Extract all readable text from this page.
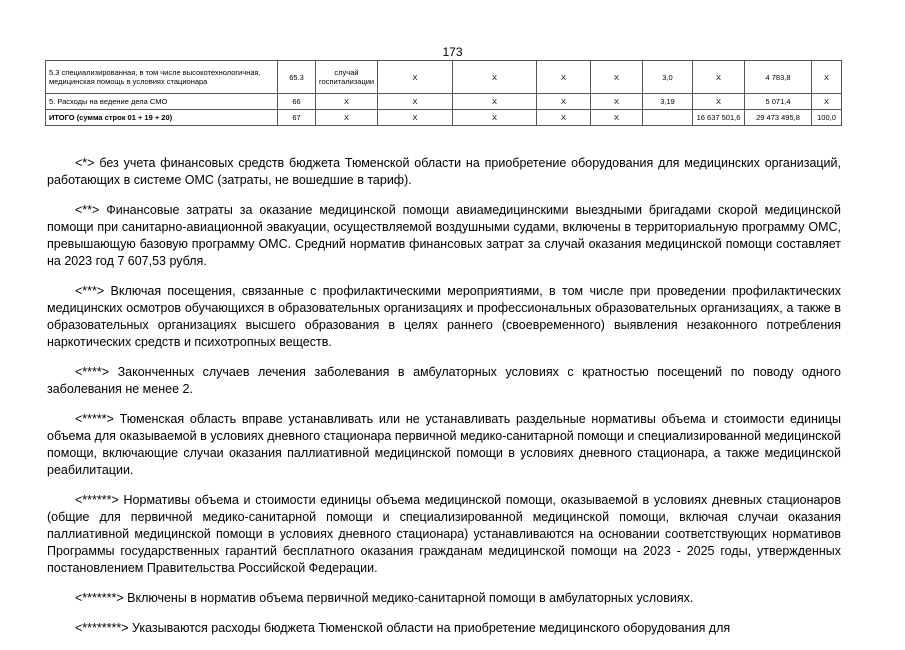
173
5.3 специализированная, в том числе высокотехнологичная, медицинская помощь в условиях стационара	65.3	случай госпитализации	X	X	X	X	3,0	X	4 783,8	X
5. Расходы на ведение дела СМО	66	X	X	X	X	X	3,19	X	5 071,4	X
ИТОГО (сумма строк 01 + 19 + 20)	67	X	X	X	X	X		16 637 501,6	29 473 495,8	100,0

<*> без учета финансовых средств бюджета Тюменской области на приобретение оборудования для медицинских организаций, работающих в системе ОМС (затраты, не вошедшие в тариф).

<**> Финансовые затраты за оказание медицинской помощи авиамедицинскими выездными бригадами скорой медицинской помощи при санитарно-авиационной эвакуации, осуществляемой воздушными судами, включены в территориальную программу ОМС, превышающую базовую программу ОМС. Средний норматив финансовых затрат за случай оказания медицинской помощи составляет на 2023 год 7 607,53 рубля.

<***> Включая посещения, связанные с профилактическими мероприятиями, в том числе при проведении профилактических медицинских осмотров обучающихся в образовательных организациях и профессиональных образовательных организациях, а также в образовательных организациях высшего образования в целях раннего (своевременного) выявления незаконного потребления наркотических средств и психотропных веществ.

<****> Законченных случаев лечения заболевания в амбулаторных условиях с кратностью посещений по поводу одного заболевания не менее 2.

<*****> Тюменская область вправе устанавливать или не устанавливать раздельные нормативы объема и стоимости единицы объема для оказываемой в условиях дневного стационара первичной медико-санитарной помощи и специализированной медицинской помощи, включающие случаи оказания паллиативной медицинской помощи в условиях дневного стационара, а также медицинской реабилитации.

<******> Нормативы объема и стоимости единицы объема медицинской помощи, оказываемой в условиях дневных стационаров (общие для первичной медико-санитарной помощи и специализированной медицинской помощи, включая случаи оказания паллиативной медицинской помощи в условиях дневного стационара) устанавливаются на основании соответствующих нормативов Программы государственных гарантий бесплатного оказания гражданам медицинской помощи на 2023 - 2025 годы, утвержденных постановлением Правительства Российской Федерации.

<*******> Включены в норматив объема первичной медико-санитарной помощи в амбулаторных условиях.

<********> Указываются расходы бюджета Тюменской области на приобретение медицинского оборудования для
